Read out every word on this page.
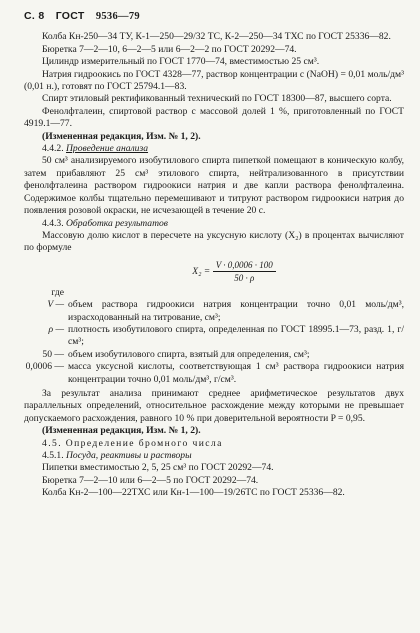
С. 8 ГОСТ 9536—79

Колба Кн-250—34 ТУ, К-1—250—29/32 ТС, К-2—250—34 ТХС по ГОСТ 25336—82.

Бюретка 7—2—10, 6—2—5 или 6—2—2 по ГОСТ 20292—74.

Цилиндр измерительный по ГОСТ 1770—74, вместимостью 25 см³.

Натрия гидроокись по ГОСТ 4328—77, раствор концентрации с (NaOH) = 0,01 моль/дм³ (0,01 н.), готовят по ГОСТ 25794.1—83.

Спирт этиловый ректификованный технический по ГОСТ 18300—87, высшего сорта.

Фенолфталеин, спиртовой раствор с массовой долей 1 %, приготовленный по ГОСТ 4919.1—77.

(Измененная редакция, Изм. № 1, 2).

4.4.2. Проведение анализа

50 см³ анализируемого изобутилового спирта пипеткой помещают в коническую колбу, затем прибавляют 25 см³ этилового спирта, нейтрализованного в присутствии фенолфталеина раствором гидроокиси натрия и две капли раствора фенолфталеина. Содержимое колбы тщательно перемешивают и титруют раствором гидроокиси натрия до появления розовой окраски, не исчезающей в течение 20 с.

4.4.3. Обработка результатов

Массовую долю кислот в пересчете на уксусную кислоту (X₂) в процентах вычисляют по формуле

$X_2 = \frac{V \cdot 0,0006 \cdot 100}{50 \cdot \rho}$
где
V — объем раствора гидроокиси натрия концентрации точно 0,01 моль/дм³, израсходованный на титрование, см³;
ρ — плотность изобутилового спирта, определенная по ГОСТ 18995.1—73, разд. 1, г/см³;
50 — объем изобутилового спирта, взятый для определения, см³;
0,0006 — масса уксусной кислоты, соответствующая 1 см³ раствора гидроокиси натрия концентрации точно 0,01 моль/дм³, г/см³.

За результат анализа принимают среднее арифметическое результатов двух параллельных определений, относительное расхождение между которыми не превышает допускаемого расхождения, равного 10 % при доверительной вероятности P = 0,95.

(Измененная редакция, Изм. № 1, 2).

4.5. Определение бромного числа

4.5.1. Посуда, реактивы и растворы

Пипетки вместимостью 2, 5, 25 см³ по ГОСТ 20292—74.

Бюретка 7—2—10 или 6—2—5 по ГОСТ 20292—74.

Колба Кн-2—100—22ТХС или Кн-1—100—19/26ТС по ГОСТ 25336—82.
